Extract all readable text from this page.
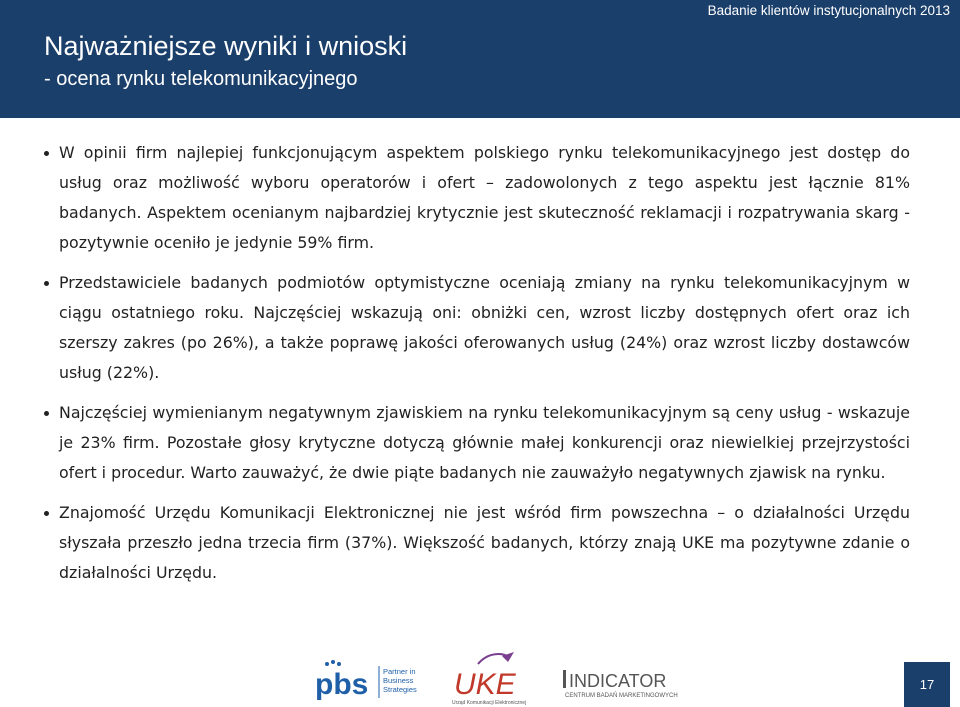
Badanie klientów instytucjonalnych 2013
Najważniejsze wyniki i wnioski
- ocena rynku telekomunikacyjnego

W opinii firm najlepiej funkcjonującym aspektem polskiego rynku telekomunikacyjnego jest dostęp do usług oraz możliwość wyboru operatorów i ofert – zadowolonych z tego aspektu jest łącznie 81% badanych. Aspektem ocenianym najbardziej krytycznie jest skuteczność reklamacji i rozpatrywania skarg - pozytywnie oceniło je jedynie 59% firm.

Przedstawiciele badanych podmiotów optymistyczne oceniają zmiany na rynku telekomunikacyjnym w ciągu ostatniego roku. Najczęściej wskazują oni: obniżki cen, wzrost liczby dostępnych ofert oraz ich szerszy zakres (po 26%), a także poprawę jakości oferowanych usług (24%) oraz wzrost liczby dostawców usług (22%).

Najczęściej wymienianym negatywnym zjawiskiem na rynku telekomunikacyjnym są ceny usług - wskazuje je 23% firm. Pozostałe głosy krytyczne dotyczą głównie małej konkurencji oraz niewielkiej przejrzystości ofert i procedur. Warto zauważyć, że dwie piąte badanych nie zauważyło negatywnych zjawisk na rynku.

Znajomość Urzędu Komunikacji Elektronicznej nie jest wśród firm powszechna – o działalności Urzędu słyszała przeszło jedna trzecia firm (37%). Większość badanych, którzy znają UKE ma pozytywne zdanie o działalności Urzędu.

pbs Partner in
Business
Strategies UKE
Urząd Komunikacji Elektronicznej
INDICATOR
CENTRUM BADAŃ MARKETINGOWYCH
17
